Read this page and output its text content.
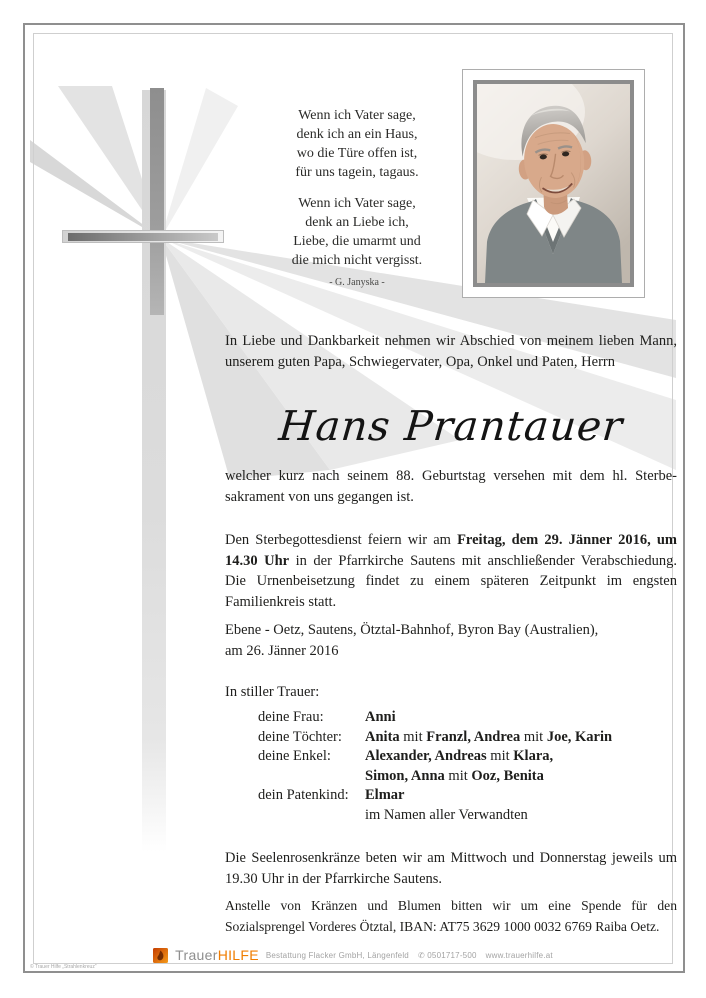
Wenn ich Vater sage,
denk ich an ein Haus,
wo die Türe offen ist,
für uns tagein, tagaus.
Wenn ich Vater sage,
denk an Liebe ich,
Liebe, die umarmt und
die mich nicht vergisst.
- G. Janyska -
In Liebe und Dankbarkeit nehmen wir Abschied von meinem lieben Mann, unserem guten Papa, Schwiegervater, Opa, Onkel und Paten, Herrn
Hans Prantauer
welcher kurz nach seinem 88. Geburtstag versehen mit dem hl. Sterbesakrament von uns gegangen ist.
Den Sterbegottesdienst feiern wir am Freitag, dem 29. Jänner 2016, um 14.30 Uhr in der Pfarrkirche Sautens mit anschließender Verabschiedung. Die Urnenbeisetzung findet zu einem späteren Zeitpunkt im engsten Familienkreis statt.
Ebene - Oetz, Sautens, Ötztal-Bahnhof, Byron Bay (Australien),
am 26. Jänner 2016
In stiller Trauer:
deine Frau:	Anni
deine Töchter:	Anita mit Franzl, Andrea mit Joe, Karin
deine Enkel:	Alexander, Andreas mit Klara,
Simon, Anna mit Ooz, Benita
dein Patenkind:	Elmar
im Namen aller Verwandten
Die Seelenrosenkränze beten wir am Mittwoch und Donnerstag jeweils um 19.30 Uhr in der Pfarrkirche Sautens.
Anstelle von Kränzen und Blumen bitten wir um eine Spende für den Sozialsprengel Vorderes Ötztal, IBAN: AT75 3629 1000 0032 6769 Raiba Oetz.
TrauerHILFE Bestattung Flacker GmbH, Längenfeld ✆ 0501717-500 www.trauerhilfe.at
© Trauer Hilfe „Strahlenkreuz“
